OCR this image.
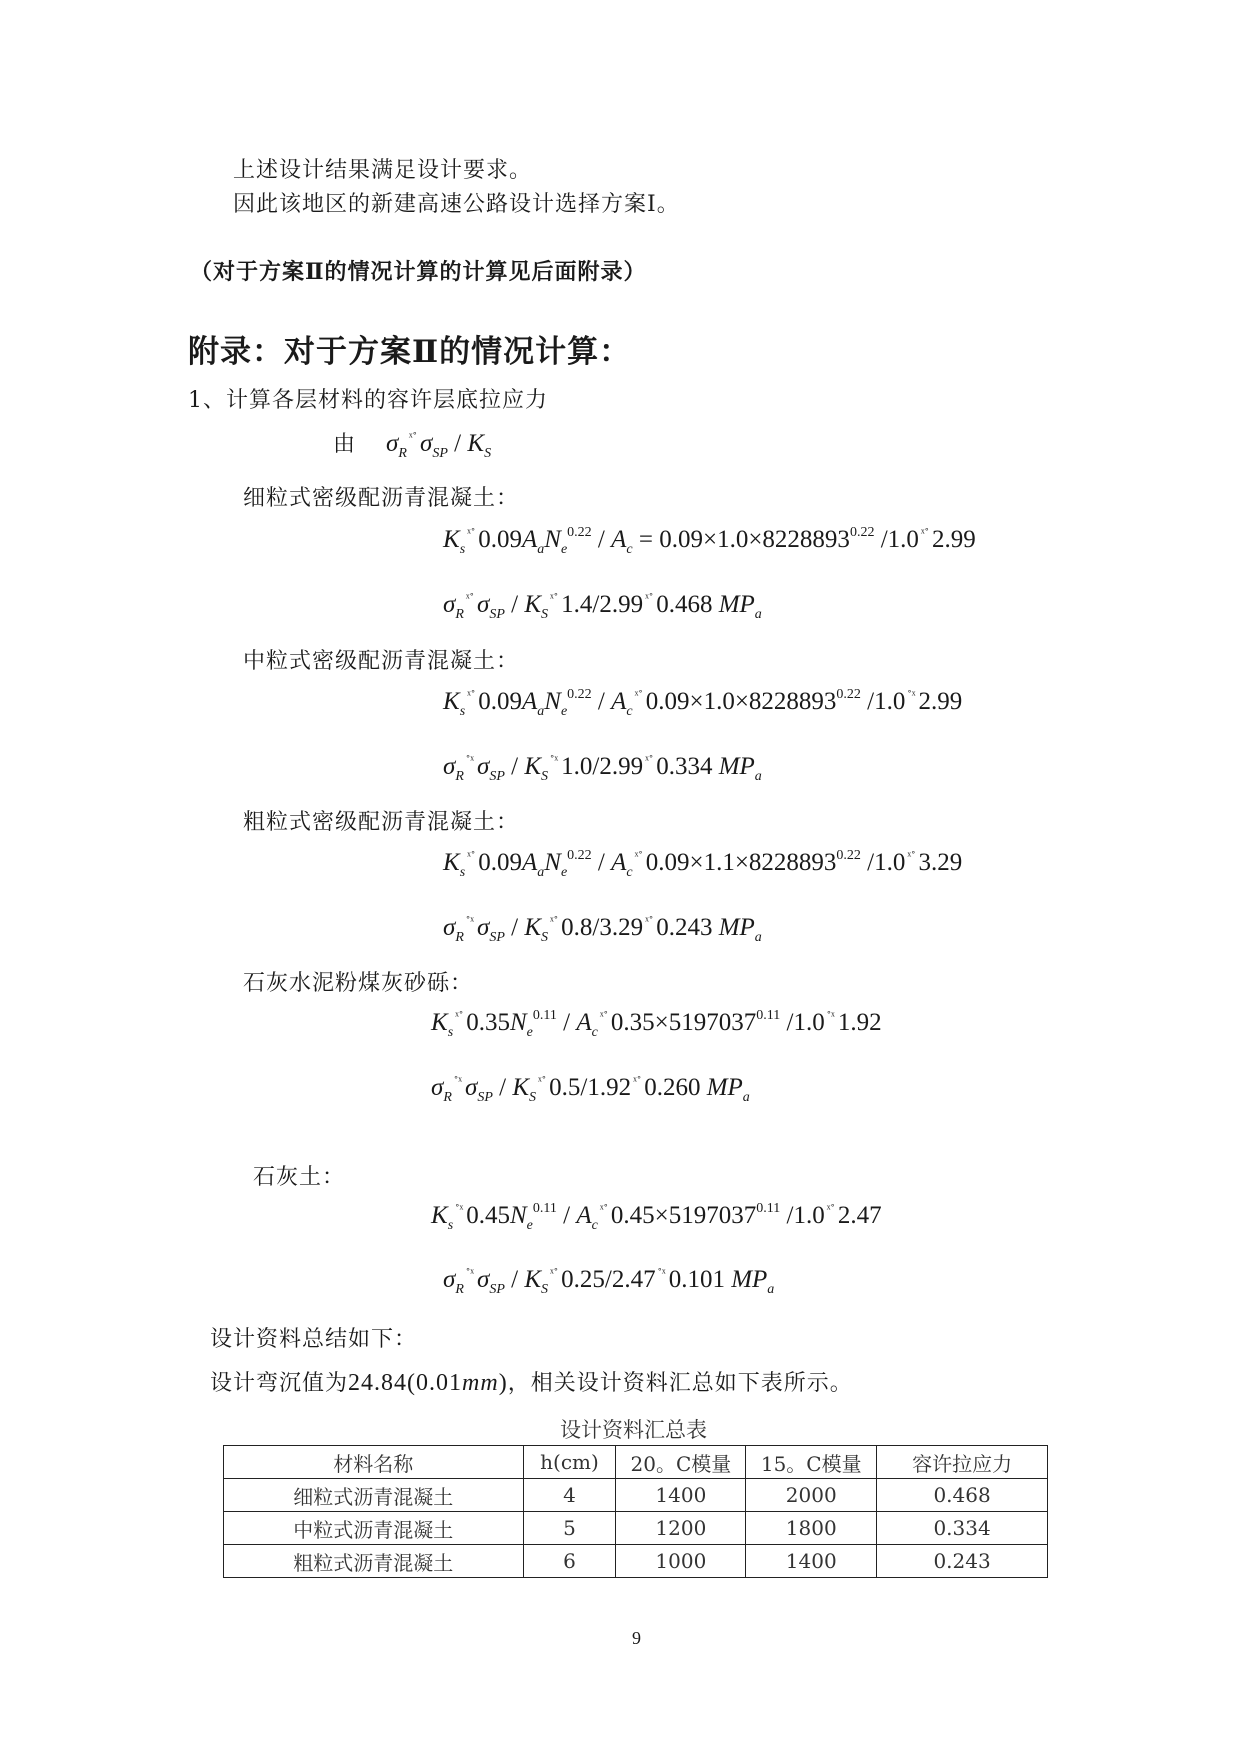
上述设计结果满足设计要求。
因此该地区的新建高速公路设计选择方案Ⅰ。
（对于方案Ⅱ的情况计算的计算见后面附录）
附录：对于方案Ⅱ的情况计算：
1、计算各层材料的容许层底拉应力
由 $\sigma_R^{ˣ˚}$ $\sigma_{SP} / K_S$
细粒式密级配沥青混凝土：
$K_s^{ˣ˚}$ $0.09A_aN_e^{0.22} / A_c = 0.09\times 1.0\times 8228893^{0.22}$ /1.0 $^{ˣ˚}$ 2.99
$\sigma_R^{ˣ˚}$ $\sigma_{SP} / K_S^{ˣ˚}$ 1.4/2.99 $^{ˣ˚}$ 0.468 $MP_a$
中粒式密级配沥青混凝土：
$K_s^{ˣ˚}$ $0.09A_aN_e^{0.22} / A_c^{ˣ˚}$ $0.09\times 1.0\times 8228893^{0.22}$ /1.0 $^{˚ˣ}$ 2.99
$\sigma_R^{˚ˣ}$ $\sigma_{SP} / K_S^{˚ˣ}$ 1.0/2.99 $^{ˣ˚}$ 0.334 $MP_a$
粗粒式密级配沥青混凝土：
$K_s^{ˣ˚}$ $0.09A_aN_e^{0.22} / A_c^{ˣ˚}$ $0.09\times 1.1\times 8228893^{0.22}$ /1.0 $^{ˣ˚}$ 3.29
$\sigma_R^{˚ˣ}$ $\sigma_{SP} / K_S^{ˣ˚}$ 0.8/3.29 $^{ˣ˚}$ 0.243 $MP_a$
石灰水泥粉煤灰砂砾：
$K_s^{ˣ˚}$ $0.35N_e^{0.11} / A_c^{ˣ˚}$ $0.35\times 5197037^{0.11}$ /1.0 $^{˚ˣ}$ 1.92
$\sigma_R^{˚ˣ}$ $\sigma_{SP} / K_S^{ˣ˚}$ 0.5/1.92 $^{ˣ˚}$ 0.260 $MP_a$
石灰土：
$K_s^{˚ˣ}$ $0.45N_e^{0.11} / A_c^{ˣ˚}$ $0.45\times 5197037^{0.11}$ /1.0 $^{ˣ˚}$ 2.47
$\sigma_R^{˚ˣ}$ $\sigma_{SP} / K_S^{ˣ˚}$ 0.25/2.47 $^{˚ˣ}$ 0.101 $MP_a$
设计资料总结如下：
设计弯沉值为24.84(0.01mm)，相关设计资料汇总如下表所示。
设计资料汇总表
材料名称	h(cm)	20。C模量	15。C模量	容许拉应力
细粒式沥青混凝土	4	1400	2000	0.468
中粒式沥青混凝土	5	1200	1800	0.334
粗粒式沥青混凝土	6	1000	1400	0.243
9
